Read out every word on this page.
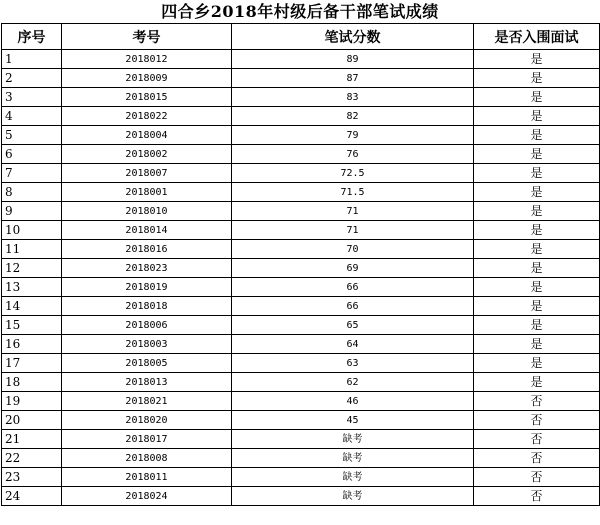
四合乡2018年村级后备干部笔试成绩
序号	考号	笔试分数	是否入围面试
1	2018012	89	是
2	2018009	87	是
3	2018015	83	是
4	2018022	82	是
5	2018004	79	是
6	2018002	76	是
7	2018007	72.5	是
8	2018001	71.5	是
9	2018010	71	是
10	2018014	71	是
11	2018016	70	是
12	2018023	69	是
13	2018019	66	是
14	2018018	66	是
15	2018006	65	是
16	2018003	64	是
17	2018005	63	是
18	2018013	62	是
19	2018021	46	否
20	2018020	45	否
21	2018017	缺考	否
22	2018008	缺考	否
23	2018011	缺考	否
24	2018024	缺考	否
